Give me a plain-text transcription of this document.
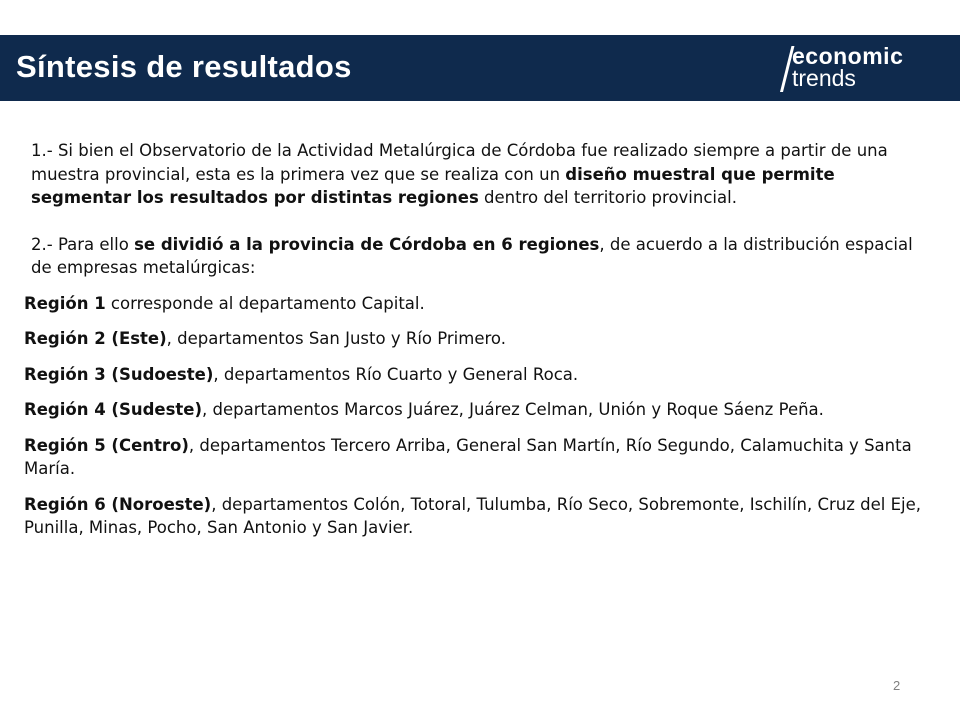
Síntesis de resultados	economic
trends

1.- Si bien el Observatorio de la Actividad Metalúrgica de Córdoba fue realizado siempre a partir de una muestra provincial, esta es la primera vez que se realiza con un diseño muestral que permite segmentar los resultados por distintas regiones dentro del territorio provincial.

2.- Para ello se dividió a la provincia de Córdoba en 6 regiones, de acuerdo a la distribución espacial de empresas metalúrgicas:

Región 1 corresponde al departamento Capital.

Región 2 (Este), departamentos San Justo y Río Primero.

Región 3 (Sudoeste), departamentos Río Cuarto y General Roca.

Región 4 (Sudeste), departamentos Marcos Juárez, Juárez Celman, Unión y Roque Sáenz Peña.

Región 5 (Centro), departamentos Tercero Arriba, General San Martín, Río Segundo, Calamuchita y Santa María.

Región 6 (Noroeste), departamentos Colón, Totoral, Tulumba, Río Seco, Sobremonte, Ischilín, Cruz del Eje, Punilla, Minas, Pocho, San Antonio y San Javier.

2
